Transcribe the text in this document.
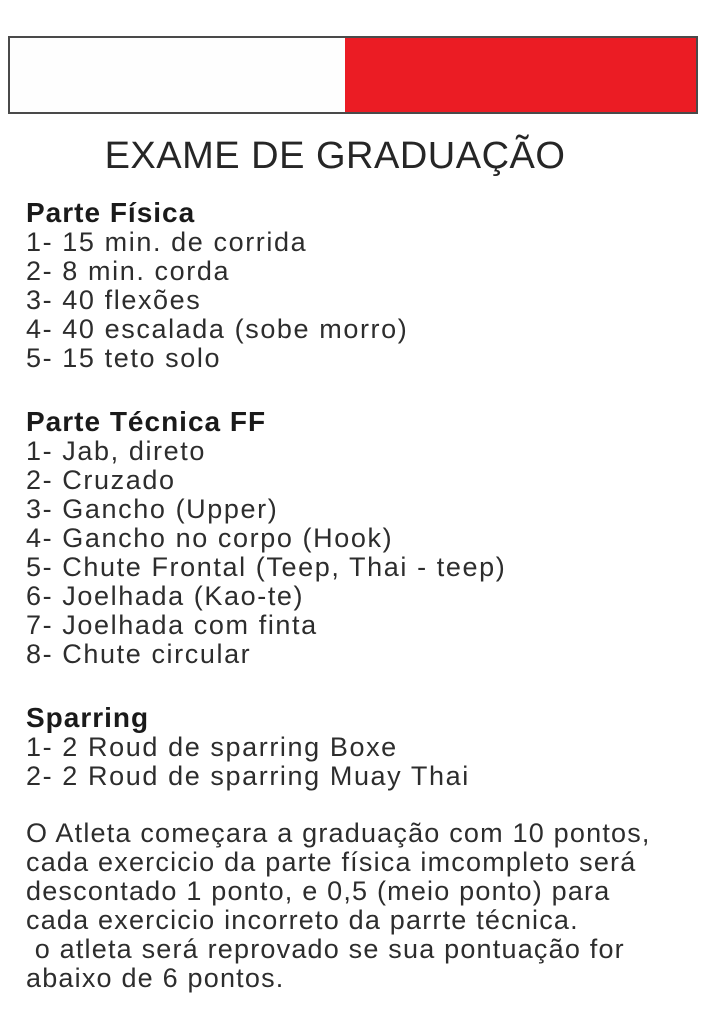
EXAME DE GRADUAÇÃO
Parte Física
1- 15 min. de corrida
2- 8 min. corda
3- 40 flexões
4- 40 escalada (sobe morro)
5- 15 teto solo
Parte Técnica FF
1- Jab, direto
2- Cruzado
3- Gancho (Upper)
4- Gancho no corpo (Hook)
5- Chute Frontal (Teep, Thai - teep)
6- Joelhada (Kao-te)
7- Joelhada com finta
8- Chute circular
Sparring
1- 2 Roud de sparring Boxe
2- 2 Roud de sparring Muay Thai
O Atleta começara a graduação com 10 pontos,
cada exercicio da parte física imcompleto será
descontado 1 ponto, e 0,5 (meio ponto) para
cada exercicio incorreto da parrte técnica.
o atleta será reprovado se sua pontuação for
abaixo de 6 pontos.
